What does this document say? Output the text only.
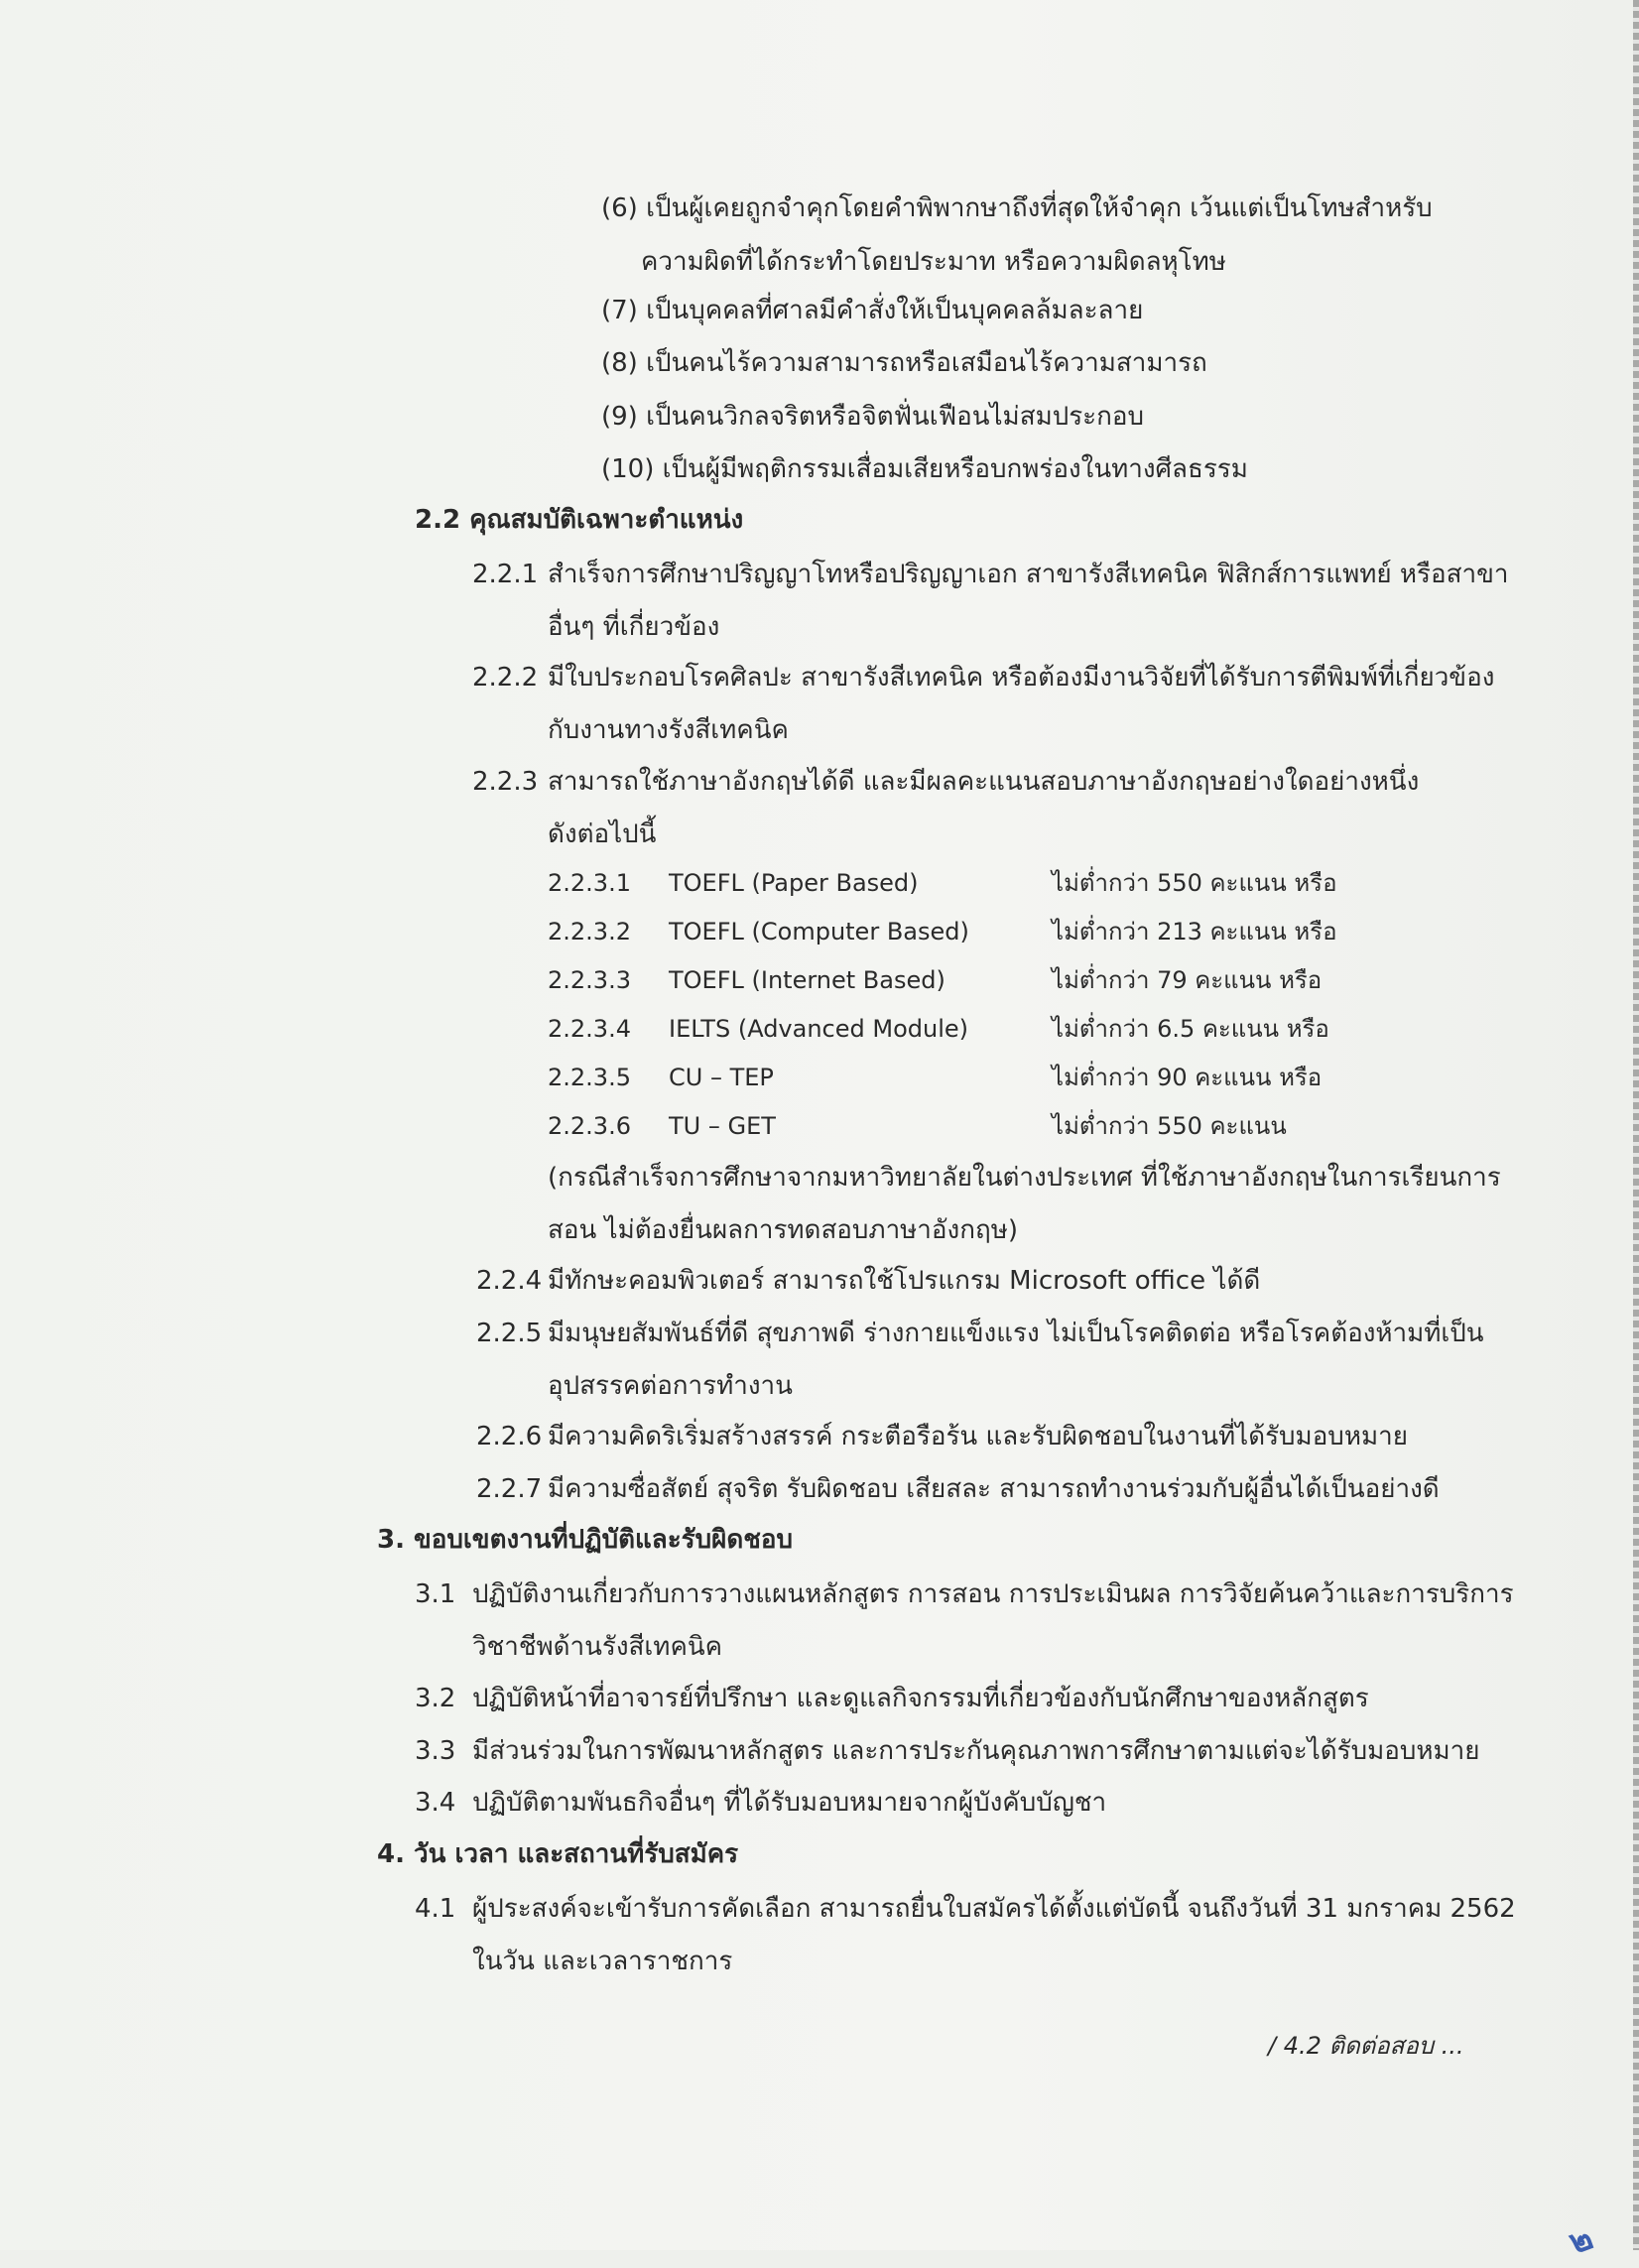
(6) เป็นผู้เคยถูกจำคุกโดยคำพิพากษาถึงที่สุดให้จำคุก เว้นแต่เป็นโทษสำหรับ
ความผิดที่ได้กระทำโดยประมาท หรือความผิดลหุโทษ
(7) เป็นบุคคลที่ศาลมีคำสั่งให้เป็นบุคคลล้มละลาย
(8) เป็นคนไร้ความสามารถหรือเสมือนไร้ความสามารถ
(9) เป็นคนวิกลจริตหรือจิตฟั่นเฟือนไม่สมประกอบ
(10) เป็นผู้มีพฤติกรรมเสื่อมเสียหรือบกพร่องในทางศีลธรรม
2.2 คุณสมบัติเฉพาะตำแหน่ง
2.2.1 สำเร็จการศึกษาปริญญาโทหรือปริญญาเอก สาขารังสีเทคนิค ฟิสิกส์การแพทย์ หรือสาขา
อื่นๆ ที่เกี่ยวข้อง
2.2.2 มีใบประกอบโรคศิลปะ สาขารังสีเทคนิค หรือต้องมีงานวิจัยที่ได้รับการตีพิมพ์ที่เกี่ยวข้อง
กับงานทางรังสีเทคนิค
2.2.3 สามารถใช้ภาษาอังกฤษได้ดี และมีผลคะแนนสอบภาษาอังกฤษอย่างใดอย่างหนึ่ง
ดังต่อไปนี้
2.2.3.1 TOEFL (Paper Based)	ไม่ต่ำกว่า 550 คะแนน หรือ
2.2.3.2 TOEFL (Computer Based)	ไม่ต่ำกว่า 213 คะแนน หรือ
2.2.3.3 TOEFL (Internet Based)	ไม่ต่ำกว่า 79 คะแนน หรือ
2.2.3.4 IELTS (Advanced Module)	ไม่ต่ำกว่า 6.5 คะแนน หรือ
2.2.3.5 CU – TEP	ไม่ต่ำกว่า 90 คะแนน หรือ
2.2.3.6 TU – GET	ไม่ต่ำกว่า 550 คะแนน
(กรณีสำเร็จการศึกษาจากมหาวิทยาลัยในต่างประเทศ ที่ใช้ภาษาอังกฤษในการเรียนการ
สอน ไม่ต้องยื่นผลการทดสอบภาษาอังกฤษ)
2.2.4 มีทักษะคอมพิวเตอร์ สามารถใช้โปรแกรม Microsoft office ได้ดี
2.2.5 มีมนุษยสัมพันธ์ที่ดี สุขภาพดี ร่างกายแข็งแรง ไม่เป็นโรคติดต่อ หรือโรคต้องห้ามที่เป็น
อุปสรรคต่อการทำงาน
2.2.6 มีความคิดริเริ่มสร้างสรรค์ กระตือรือร้น และรับผิดชอบในงานที่ได้รับมอบหมาย
2.2.7 มีความซื่อสัตย์ สุจริต รับผิดชอบ เสียสละ สามารถทำงานร่วมกับผู้อื่นได้เป็นอย่างดี
3. ขอบเขตงานที่ปฏิบัติและรับผิดชอบ
3.1 ปฏิบัติงานเกี่ยวกับการวางแผนหลักสูตร การสอน การประเมินผล การวิจัยค้นคว้าและการบริการ
วิชาชีพด้านรังสีเทคนิค
3.2 ปฏิบัติหน้าที่อาจารย์ที่ปรึกษา และดูแลกิจกรรมที่เกี่ยวข้องกับนักศึกษาของหลักสูตร
3.3 มีส่วนร่วมในการพัฒนาหลักสูตร และการประกันคุณภาพการศึกษาตามแต่จะได้รับมอบหมาย
3.4 ปฏิบัติตามพันธกิจอื่นๆ ที่ได้รับมอบหมายจากผู้บังคับบัญชา
4. วัน เวลา และสถานที่รับสมัคร
4.1 ผู้ประสงค์จะเข้ารับการคัดเลือก สามารถยื่นใบสมัครได้ตั้งแต่บัดนี้ จนถึงวันที่ 31 มกราคม 2562
ในวัน และเวลาราชการ
/ 4.2 ติดต่อสอบ ...
๒
